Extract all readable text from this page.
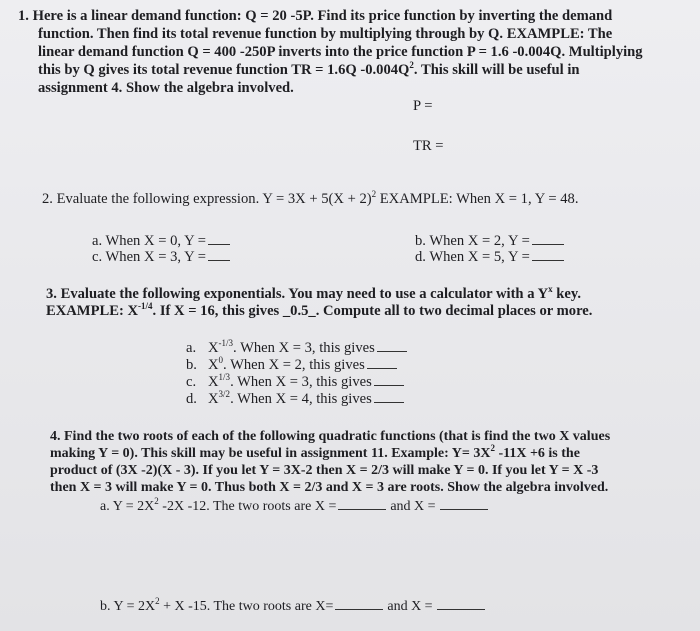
1. Here is a linear demand function: Q = 20 -5P. Find its price function by inverting the demand
function. Then find its total revenue function by multiplying through by Q. EXAMPLE: The
linear demand function Q = 400 -250P inverts into the price function P = 1.6 -0.004Q. Multiplying
this by Q gives its total revenue function TR = 1.6Q $-0.004Q^2$. This skill will be useful in
assignment 4. Show the algebra involved.
P =
TR =
2. Evaluate the following expression. $Y = 3X + 5(X + 2)^2$ EXAMPLE: When X = 1, Y = 48.
a. When X = 0, Y =	b. When X = 2, Y =
c. When X = 3, Y =	d. When X = 5, Y =
3. Evaluate the following exponentials. You may need to use a calculator with a $Y^x$ key.
EXAMPLE: $X^{-1/4}$. If X = 16, this gives _0.5_. Compute all to two decimal places or more.
a. $X^{-1/3}$. When X = 3, this gives
b. $X^0$. When X = 2, this gives
c. $X^{1/3}$. When X = 3, this gives
d. $X^{3/2}$. When X = 4, this gives
4. Find the two roots of each of the following quadratic functions (that is find the two X values
making Y = 0). This skill may be useful in assignment 11. Example: $Y= 3X^2$ -11X +6 is the
product of (3X -2)(X - 3). If you let Y = 3X-2 then X = 2/3 will make Y = 0. If you let Y = X -3
then X = 3 will make Y = 0. Thus both X = 2/3 and X = 3 are roots. Show the algebra involved.
a. $Y = 2X^2$ -2X -12. The two roots are X =	and X =
b. $Y = 2X^2 + X$ -15. The two roots are X=	and X =
